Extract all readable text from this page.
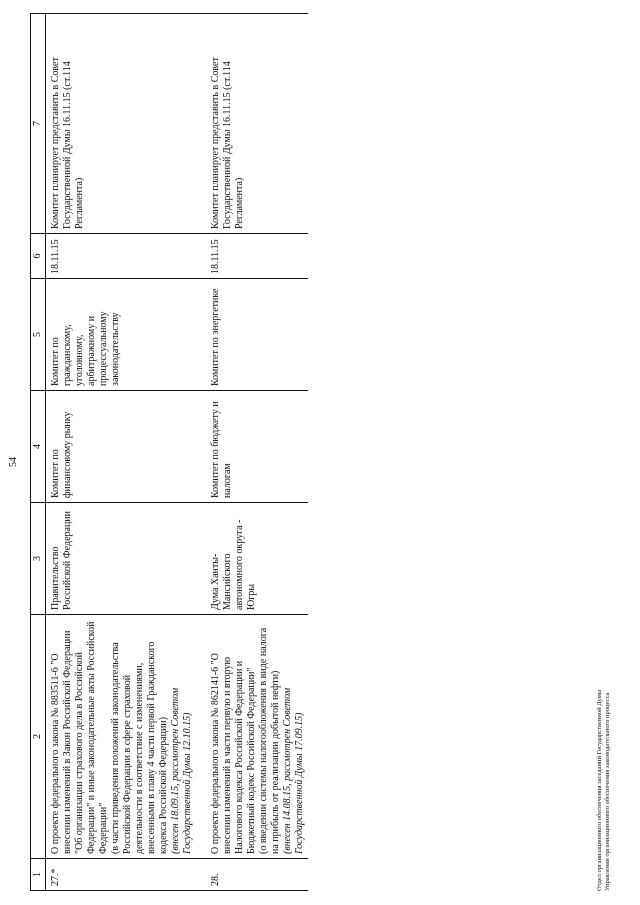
54
1	2	3	4	5	6	7
27.*	О проекте федерального закона № 883511-6 "О внесении изменений в Закон Российской Федерации "Об организации страхового дела в Российской Федерации" и иные законодательные акты Российской Федерации"
(в части приведения положений законодательства Российской Федерации в сфере страховой деятельности в соответствие с изменениями, внесенными в главу 4 части первой Гражданского кодекса Российской Федерации)
(внесен 18.09.15, рассмотрен Советом Государственной Думы 12.10.15)	Правительство Российской Федерации	Комитет по финансовому рынку	Комитет по гражданскому, уголовному, арбитражному и процессуальному законодательству	18.11.15	Комитет планирует представить в Совет Государственной Думы 16.11.15 (ст.114 Регламента)
28.	О проекте федерального закона № 862141-6 "О внесении изменений в части первую и вторую Налогового кодекса Российской Федерации и Бюджетный кодекс Российской Федерации"
(о введении системы налогообложения в виде налога на прибыль от реализации добытой нефти)
(внесен 14.08.15, рассмотрен Советом Государственной Думы 17.09.15)	Дума Ханты-Мансийского автономного округа - Югры	Комитет по бюджету и налогам	Комитет по энергетике	18.11.15	Комитет планирует представить в Совет Государственной Думы 16.11.15 (ст.114 Регламента)
Отдел организационного обеспечения заседаний Государственной Думы Управления организационного обеспечения законодательного процесса
